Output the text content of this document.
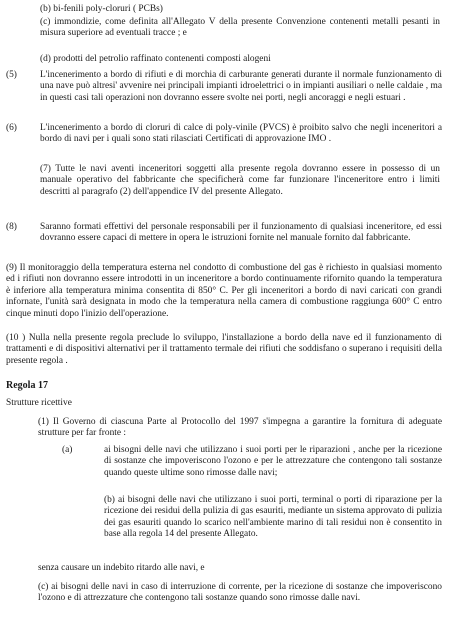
(b) bi-fenili poly-cloruri ( PCBs)

(c) immondizie, come definita all'Allegato V della presente Convenzione contenenti metalli pesanti in misura superiore ad eventuali tracce ; e

(d) prodotti del petrolio raffinato contenenti composti alogeni

(5) L'incenerimento a bordo di rifiuti e di morchia di carburante generati durante il normale funzionamento di una nave può altresi' avvenire nei principali impianti idroelettrici o in impianti ausiliari o nelle caldaie , ma in questi casi tali operazioni non dovranno essere svolte nei porti, negli ancoraggi e negli estuari .

(6) L'incenerimento a bordo di cloruri di calce di poly-vinile (PVCS) è proibito salvo che negli inceneritori a bordo di navi per i quali sono stati rilasciati Certificati di approvazione IMO .

(7) Tutte le navi aventi inceneritori soggetti alla presente regola dovranno essere in possesso di un manuale operativo del fabbricante che specificherà come far funzionare l'inceneritore entro i limiti descritti al paragrafo (2) dell'appendice IV del presente Allegato.

(8) Saranno formati effettivi del personale responsabili per il funzionamento di qualsiasi inceneritore, ed essi dovranno essere capaci di mettere in opera le istruzioni fornite nel manuale fornito dal fabbricante.

(9) Il monitoraggio della temperatura esterna nel condotto di combustione del gas è richiesto in qualsiasi momento ed i rifiuti non dovranno essere introdotti in un inceneritore a bordo continuamente rifornito quando la temperatura è inferiore alla temperatura minima consentita di 850° C. Per gli inceneritori a bordo di navi caricati con grandi infornate, l'unità sarà designata in modo che la temperatura nella camera di combustione raggiunga 600° C entro cinque minuti dopo l'inizio dell'operazione.

(10 ) Nulla nella presente regola preclude lo sviluppo, l'installazione a bordo della nave ed il funzionamento di trattamenti e di dispositivi alternativi per il trattamento termale dei rifiuti che soddisfano o superano i requisiti della presente regola .

Regola 17

Strutture ricettive

(1) Il Governo di ciascuna Parte al Protocollo del 1997 s'impegna a garantire la fornitura di adeguate strutture per far fronte :

(a)	ai bisogni delle navi che utilizzano i suoi porti per le riparazioni , anche per la ricezione di sostanze che impoveriscono l'ozono e per le attrezzature che contengono tali sostanze quando queste ultime sono rimosse dalle navi;

(b) ai bisogni delle navi che utilizzano i suoi porti, terminal o porti di riparazione per la ricezione dei residui della pulizia di gas esauriti, mediante un sistema approvato di pulizia dei gas esauriti quando lo scarico nell'ambiente marino di tali residui non è consentito in base alla regola 14 del presente Allegato.

senza causare un indebito ritardo alle navi, e

(c) ai bisogni delle navi in caso di interruzione di corrente, per la ricezione di sostanze che impoveriscono l'ozono e di attrezzature che contengono tali sostanze quando sono rimosse dalle navi.
